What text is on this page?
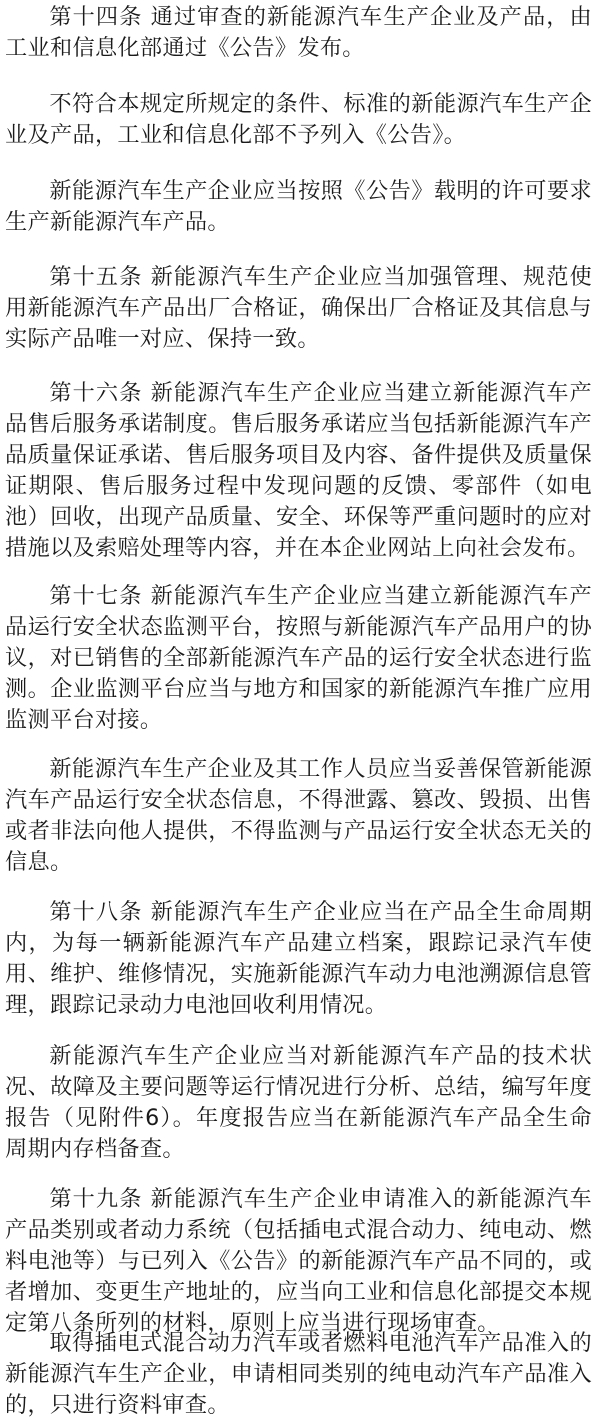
第十四条 通过审查的新能源汽车生产企业及产品，由工业和信息化部通过《公告》发布。

不符合本规定所规定的条件、标准的新能源汽车生产企业及产品，工业和信息化部不予列入《公告》。

新能源汽车生产企业应当按照《公告》载明的许可要求生产新能源汽车产品。

第十五条 新能源汽车生产企业应当加强管理、规范使用新能源汽车产品出厂合格证，确保出厂合格证及其信息与实际产品唯一对应、保持一致。

第十六条 新能源汽车生产企业应当建立新能源汽车产品售后服务承诺制度。售后服务承诺应当包括新能源汽车产品质量保证承诺、售后服务项目及内容、备件提供及质量保证期限、售后服务过程中发现问题的反馈、零部件（如电池）回收，出现产品质量、安全、环保等严重问题时的应对措施以及索赔处理等内容，并在本企业网站上向社会发布。

第十七条 新能源汽车生产企业应当建立新能源汽车产品运行安全状态监测平台，按照与新能源汽车产品用户的协议，对已销售的全部新能源汽车产品的运行安全状态进行监测。企业监测平台应当与地方和国家的新能源汽车推广应用监测平台对接。

新能源汽车生产企业及其工作人员应当妥善保管新能源汽车产品运行安全状态信息，不得泄露、篡改、毁损、出售或者非法向他人提供，不得监测与产品运行安全状态无关的信息。

第十八条 新能源汽车生产企业应当在产品全生命周期内，为每一辆新能源汽车产品建立档案，跟踪记录汽车使用、维护、维修情况，实施新能源汽车动力电池溯源信息管理，跟踪记录动力电池回收利用情况。

新能源汽车生产企业应当对新能源汽车产品的技术状况、故障及主要问题等运行情况进行分析、总结，编写年度报告（见附件6）。年度报告应当在新能源汽车产品全生命周期内存档备查。

第十九条 新能源汽车生产企业申请准入的新能源汽车产品类别或者动力系统（包括插电式混合动力、纯电动、燃料电池等）与已列入《公告》的新能源汽车产品不同的，或者增加、变更生产地址的，应当向工业和信息化部提交本规定第八条所列的材料，原则上应当进行现场审查。

取得插电式混合动力汽车或者燃料电池汽车产品准入的新能源汽车生产企业，申请相同类别的纯电动汽车产品准入的，只进行资料审查。
